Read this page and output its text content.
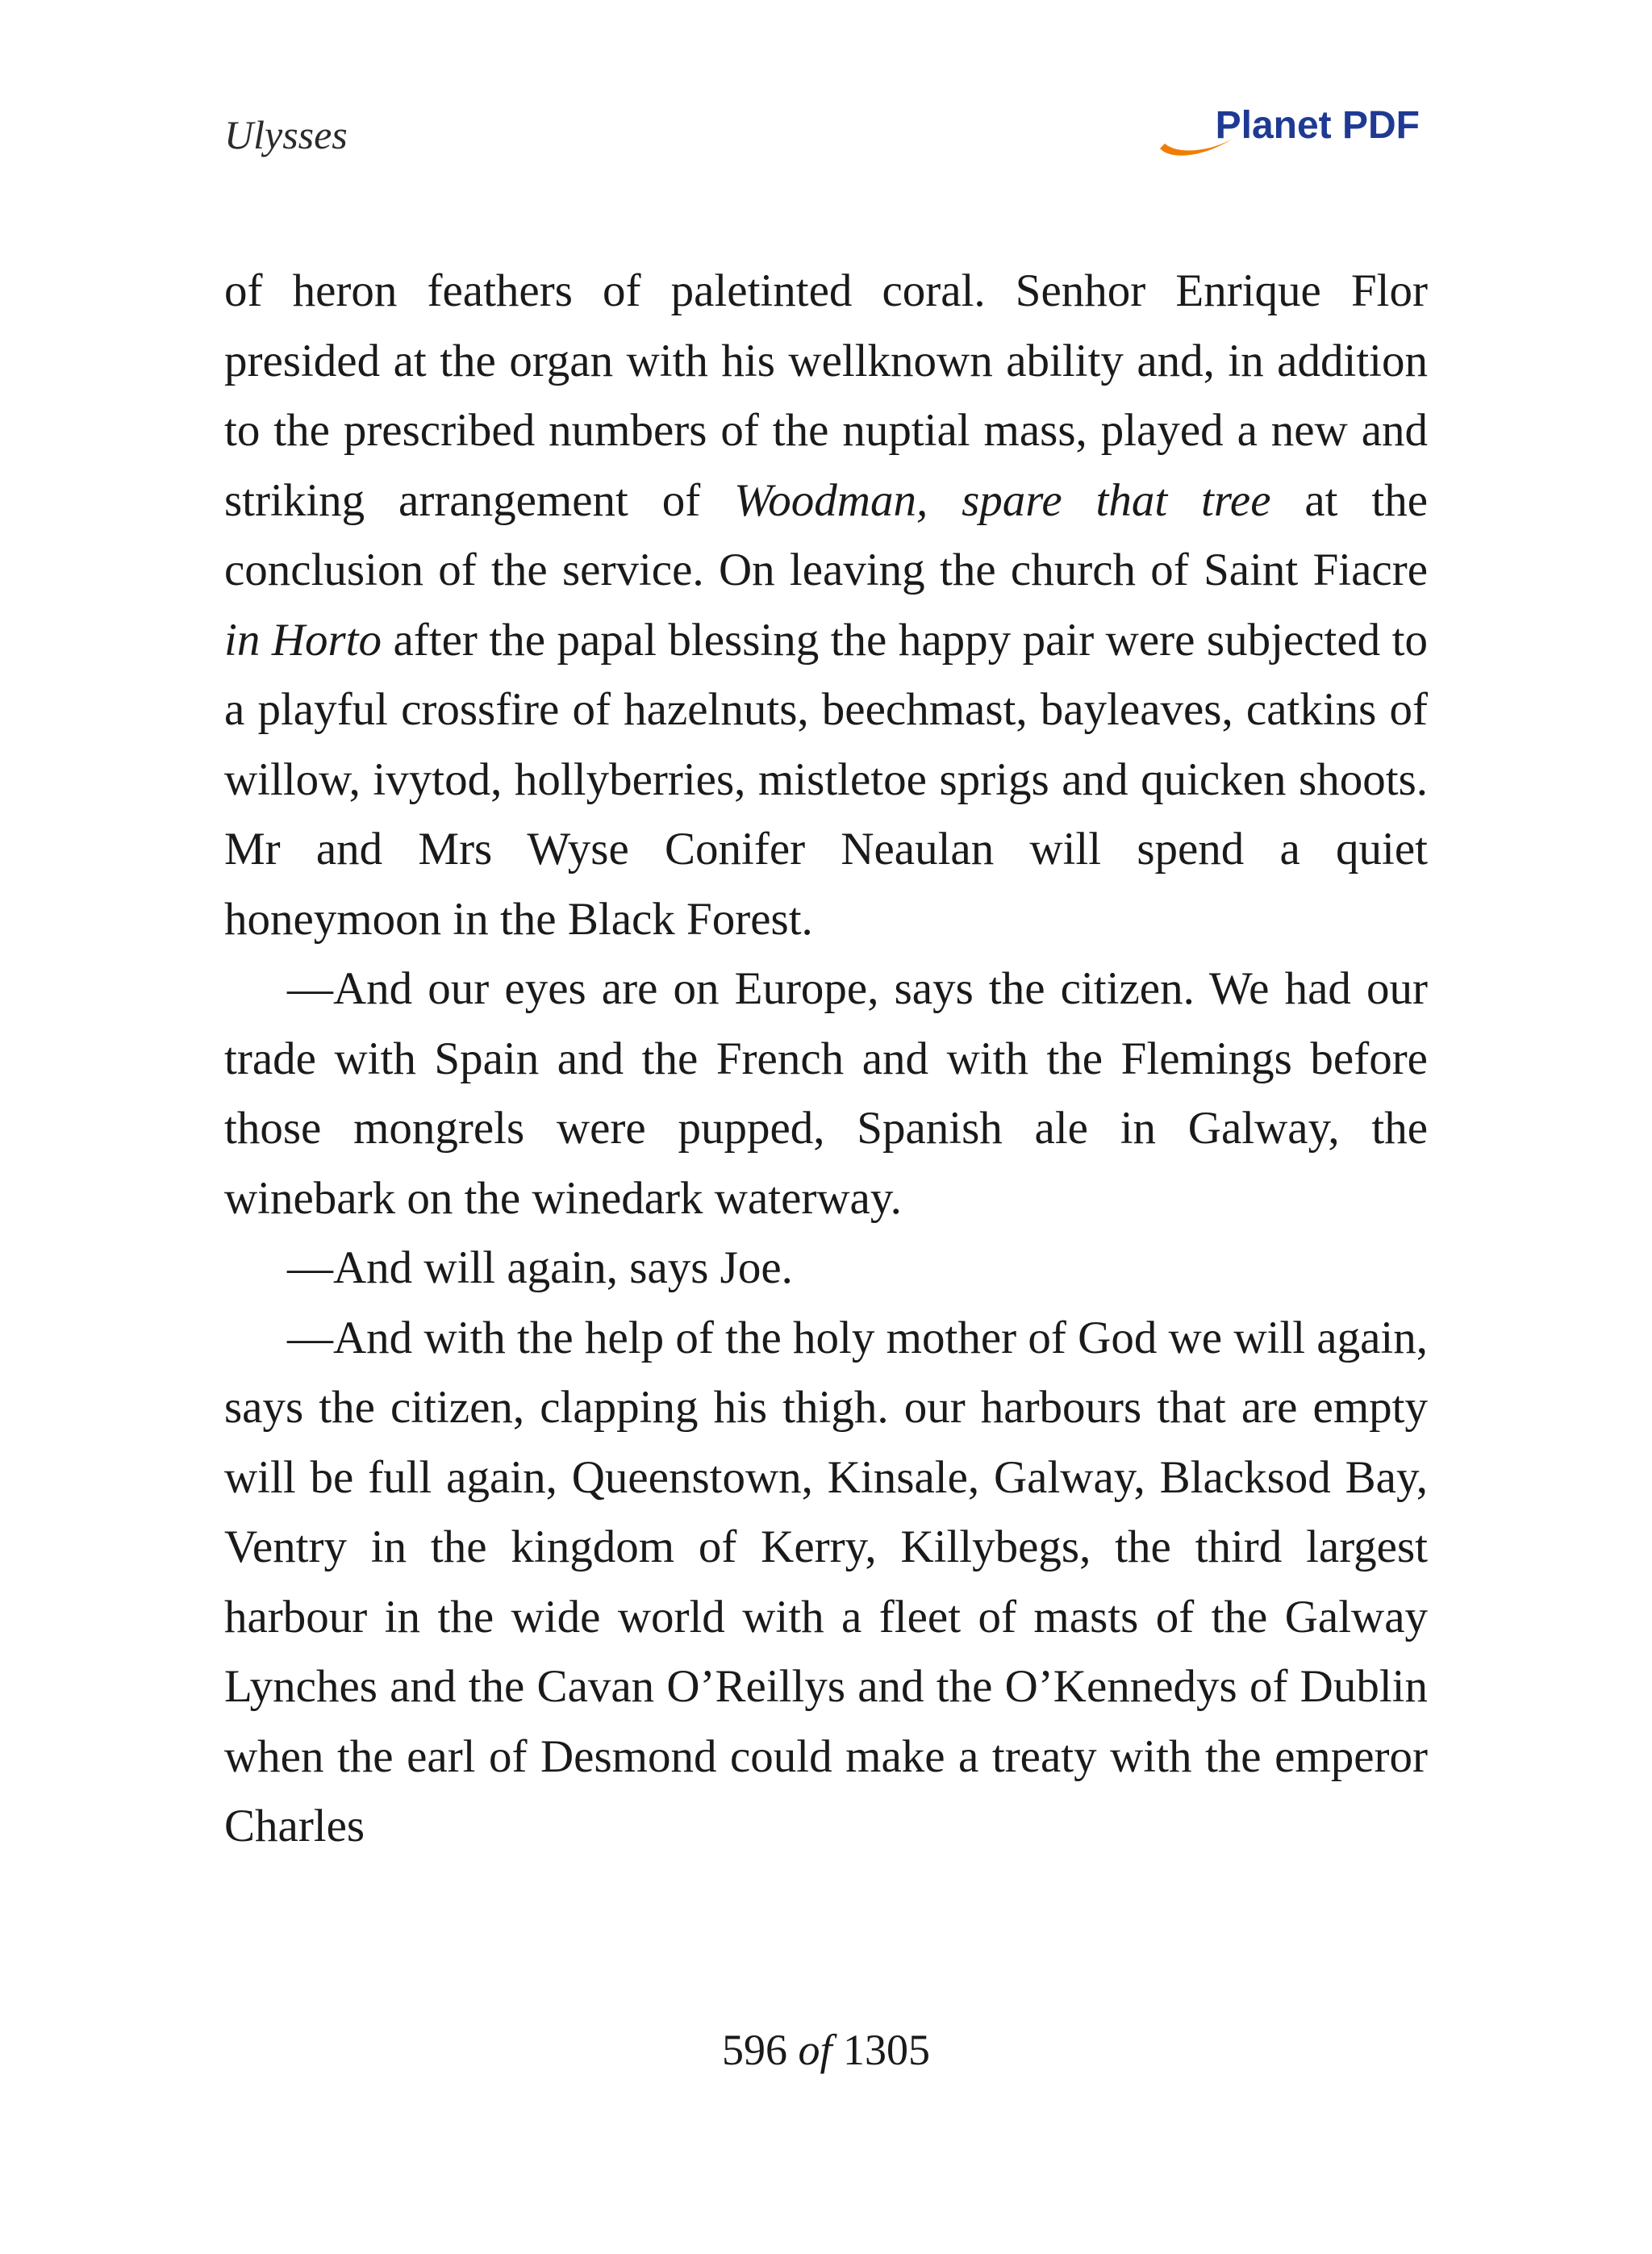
Ulysses	Planet PDF

of heron feathers of paletinted coral. Senhor Enrique Flor presided at the organ with his wellknown ability and, in addition to the prescribed numbers of the nuptial mass, played a new and striking arrangement of Woodman, spare that tree at the conclusion of the service. On leaving the church of Saint Fiacre in Horto after the papal blessing the happy pair were subjected to a playful crossfire of hazelnuts, beechmast, bayleaves, catkins of willow, ivytod, hollyberries, mistletoe sprigs and quicken shoots. Mr and Mrs Wyse Conifer Neaulan will spend a quiet honeymoon in the Black Forest.

—And our eyes are on Europe, says the citizen. We had our trade with Spain and the French and with the Flemings before those mongrels were pupped, Spanish ale in Galway, the winebark on the winedark waterway.

—And will again, says Joe.

—And with the help of the holy mother of God we will again, says the citizen, clapping his thigh. our harbours that are empty will be full again, Queenstown, Kinsale, Galway, Blacksod Bay, Ventry in the kingdom of Kerry, Killybegs, the third largest harbour in the wide world with a fleet of masts of the Galway Lynches and the Cavan O’Reillys and the O’Kennedys of Dublin when the earl of Desmond could make a treaty with the emperor Charles

596 of 1305
